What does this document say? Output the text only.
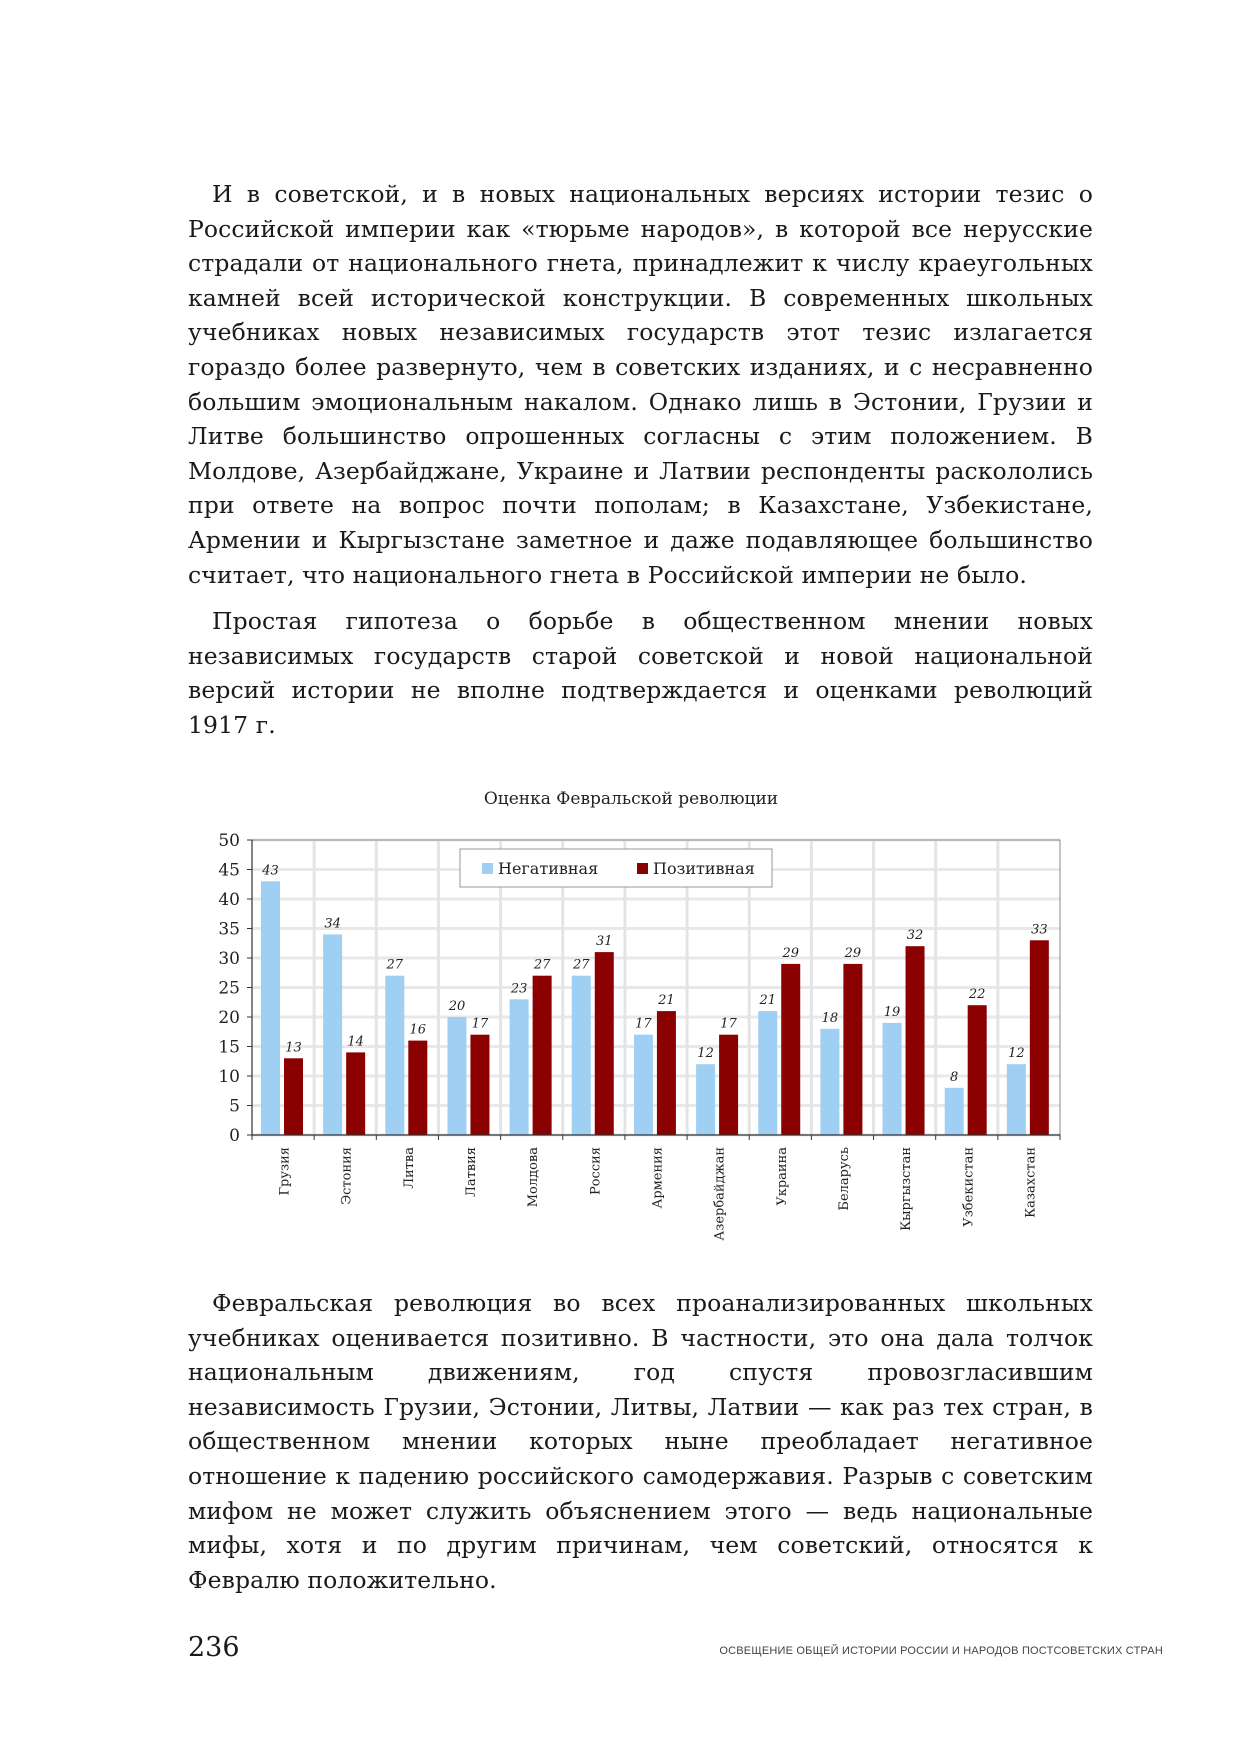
И в советской, и в новых национальных версиях истории тезис о Российской империи как «тюрьме народов», в которой все нерусские страдали от национального гнета, принадлежит к числу краеугольных камней всей исторической конструкции. В современных школьных учебниках новых независимых государств этот тезис излагается гораздо более развернуто, чем в советских изданиях, и с несравненно большим эмоциональным накалом. Однако лишь в Эстонии, Грузии и Литве большинство опрошенных согласны с этим положением. В Молдове, Азербайджане, Украине и Латвии респонденты раскололись при ответе на вопрос почти пополам; в Казахстане, Узбекистане, Армении и Кыргызстане заметное и даже подавляющее большинство считает, что национального гнета в Российской империи не было.

Простая гипотеза о борьбе в общественном мнении новых независимых государств старой советской и новой национальной версий истории не вполне подтверждается и оценками революций 1917 г.

Оценка Февральской революции
43
13
34
14
27
16
20
17
23
27 27
31
17
21
12
17
21
29
18
29
19
32
8
22
12
33
Грузия	Эстония	Литва	Латвия	Молдова	Россия	Армения	Азербайджан	Украина	Беларусь	Кыргызстан	Узбекистан	Казахстан
0
5
10
15
20
25
30
35
40
45
50
Негативная	Позитивная

Февральская революция во всех проанализированных школьных учебниках оценивается позитивно. В частности, это она дала толчок национальным движениям, год спустя провозгласившим независимость Грузии, Эстонии, Литвы, Латвии — как раз тех стран, в общественном мнении которых ныне преобладает негативное отношение к падению российского самодержавия. Разрыв с советским мифом не может служить объяснением этого — ведь национальные мифы, хотя и по другим причинам, чем советский, относятся к Февралю положительно.

236	ОСВЕЩЕНИЕ ОБЩЕЙ ИСТОРИИ РОССИИ И НАРОДОВ ПОСТСОВЕТСКИХ СТРАН
